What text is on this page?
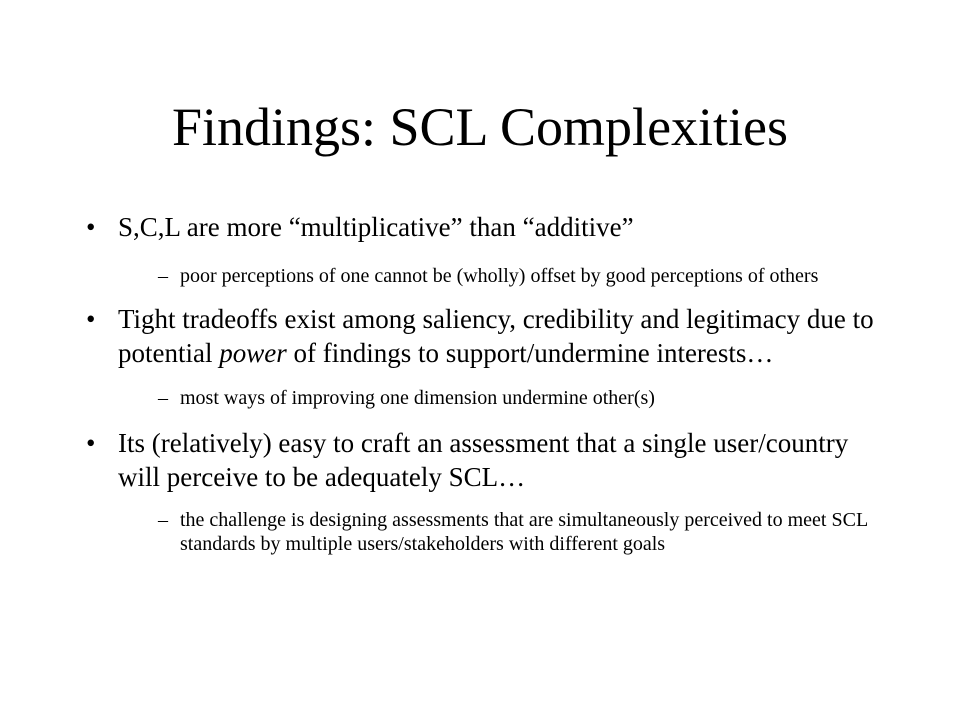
Findings: SCL Complexities

• S,C,L are more “multiplicative” than “additive”

– poor perceptions of one cannot be (wholly) offset by good perceptions of others

• Tight tradeoffs exist among saliency, credibility and legitimacy due to potential power of findings to support/undermine interests…

– most ways of improving one dimension undermine other(s)

• Its (relatively) easy to craft an assessment that a single user/country will perceive to be adequately SCL…

– the challenge is designing assessments that are simultaneously perceived to meet SCL standards by multiple users/stakeholders with different goals
